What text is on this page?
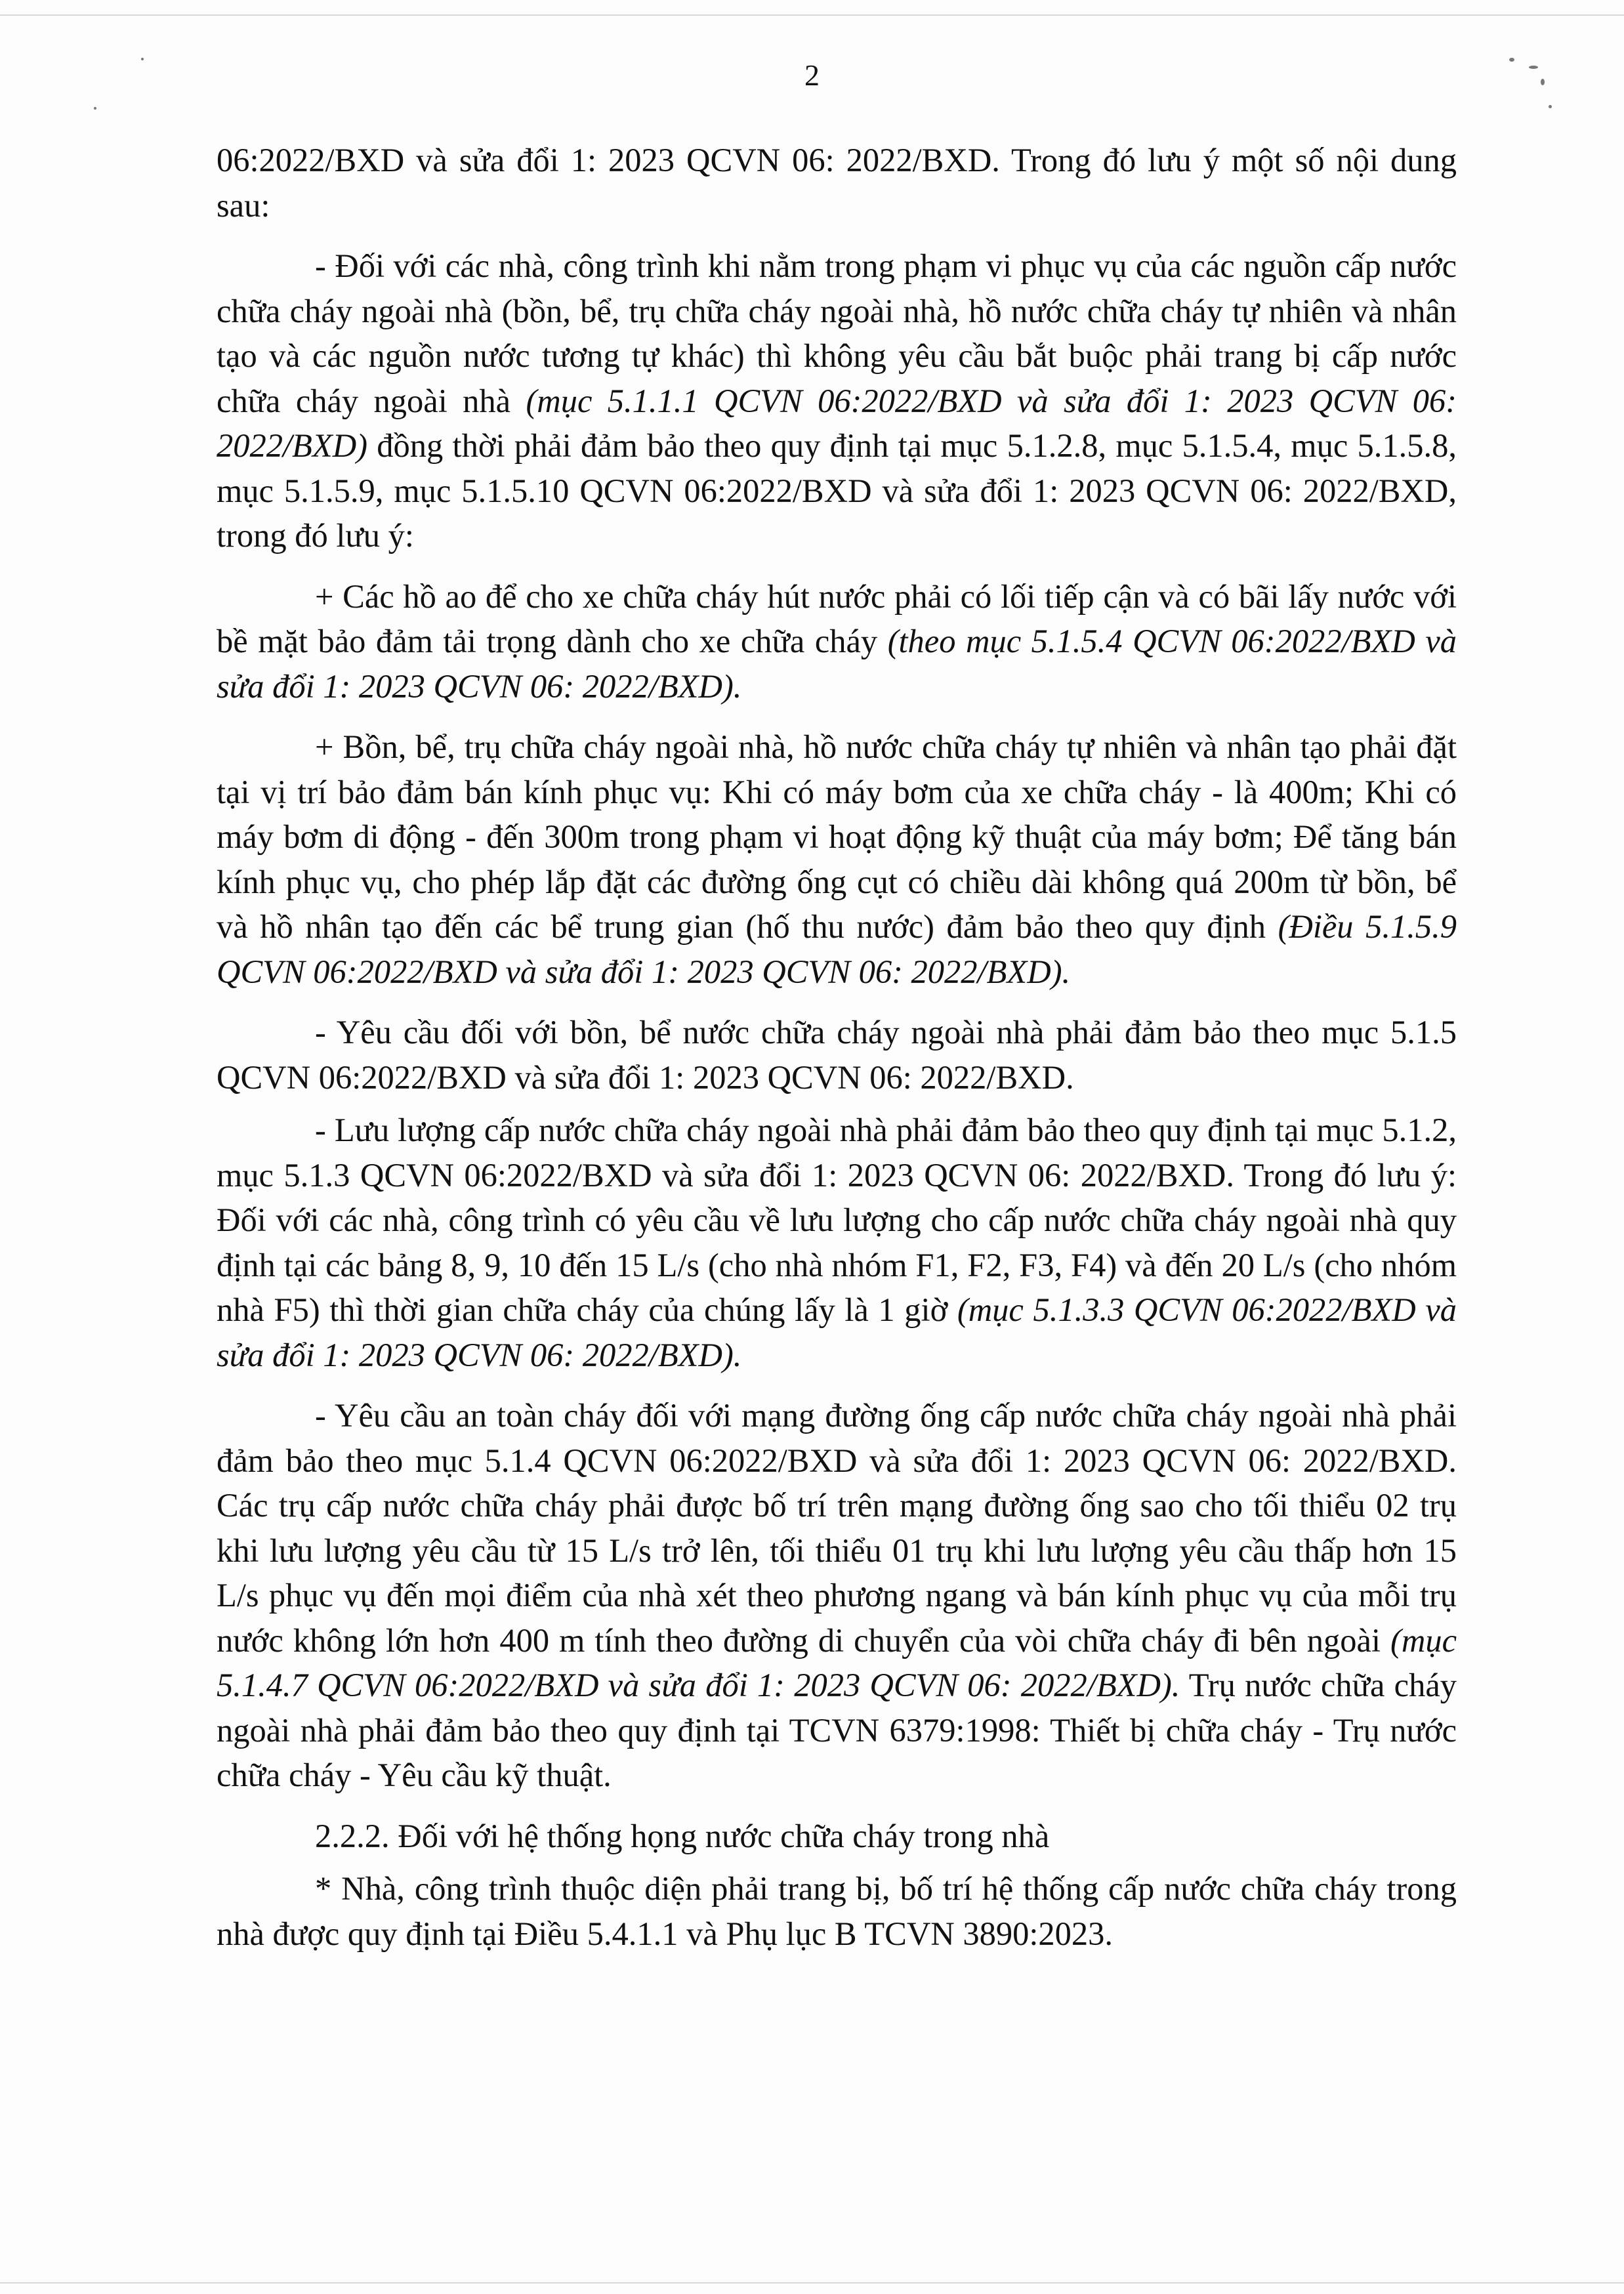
2

06:2022/BXD và sửa đổi 1: 2023 QCVN 06: 2022/BXD. Trong đó lưu ý một số nội dung sau:

- Đối với các nhà, công trình khi nằm trong phạm vi phục vụ của các nguồn cấp nước chữa cháy ngoài nhà (bồn, bể, trụ chữa cháy ngoài nhà, hồ nước chữa cháy tự nhiên và nhân tạo và các nguồn nước tương tự khác) thì không yêu cầu bắt buộc phải trang bị cấp nước chữa cháy ngoài nhà (mục 5.1.1.1 QCVN 06:2022/BXD và sửa đổi 1: 2023 QCVN 06: 2022/BXD) đồng thời phải đảm bảo theo quy định tại mục 5.1.2.8, mục 5.1.5.4, mục 5.1.5.8, mục 5.1.5.9, mục 5.1.5.10 QCVN 06:2022/BXD và sửa đổi 1: 2023 QCVN 06: 2022/BXD, trong đó lưu ý:

+ Các hồ ao để cho xe chữa cháy hút nước phải có lối tiếp cận và có bãi lấy nước với bề mặt bảo đảm tải trọng dành cho xe chữa cháy (theo mục 5.1.5.4 QCVN 06:2022/BXD và sửa đổi 1: 2023 QCVN 06: 2022/BXD).

+ Bồn, bể, trụ chữa cháy ngoài nhà, hồ nước chữa cháy tự nhiên và nhân tạo phải đặt tại vị trí bảo đảm bán kính phục vụ: Khi có máy bơm của xe chữa cháy - là 400m; Khi có máy bơm di động - đến 300m trong phạm vi hoạt động kỹ thuật của máy bơm; Để tăng bán kính phục vụ, cho phép lắp đặt các đường ống cụt có chiều dài không quá 200m từ bồn, bể và hồ nhân tạo đến các bể trung gian (hố thu nước) đảm bảo theo quy định (Điều 5.1.5.9 QCVN 06:2022/BXD và sửa đổi 1: 2023 QCVN 06: 2022/BXD).

- Yêu cầu đối với bồn, bể nước chữa cháy ngoài nhà phải đảm bảo theo mục 5.1.5 QCVN 06:2022/BXD và sửa đổi 1: 2023 QCVN 06: 2022/BXD.

- Lưu lượng cấp nước chữa cháy ngoài nhà phải đảm bảo theo quy định tại mục 5.1.2, mục 5.1.3 QCVN 06:2022/BXD và sửa đổi 1: 2023 QCVN 06: 2022/BXD. Trong đó lưu ý: Đối với các nhà, công trình có yêu cầu về lưu lượng cho cấp nước chữa cháy ngoài nhà quy định tại các bảng 8, 9, 10 đến 15 L/s (cho nhà nhóm F1, F2, F3, F4) và đến 20 L/s (cho nhóm nhà F5) thì thời gian chữa cháy của chúng lấy là 1 giờ (mục 5.1.3.3 QCVN 06:2022/BXD và sửa đổi 1: 2023 QCVN 06: 2022/BXD).

- Yêu cầu an toàn cháy đối với mạng đường ống cấp nước chữa cháy ngoài nhà phải đảm bảo theo mục 5.1.4 QCVN 06:2022/BXD và sửa đổi 1: 2023 QCVN 06: 2022/BXD. Các trụ cấp nước chữa cháy phải được bố trí trên mạng đường ống sao cho tối thiểu 02 trụ khi lưu lượng yêu cầu từ 15 L/s trở lên, tối thiểu 01 trụ khi lưu lượng yêu cầu thấp hơn 15 L/s phục vụ đến mọi điểm của nhà xét theo phương ngang và bán kính phục vụ của mỗi trụ nước không lớn hơn 400 m tính theo đường di chuyển của vòi chữa cháy đi bên ngoài (mục 5.1.4.7 QCVN 06:2022/BXD và sửa đổi 1: 2023 QCVN 06: 2022/BXD). Trụ nước chữa cháy ngoài nhà phải đảm bảo theo quy định tại TCVN 6379:1998: Thiết bị chữa cháy - Trụ nước chữa cháy - Yêu cầu kỹ thuật.

2.2.2. Đối với hệ thống họng nước chữa cháy trong nhà

* Nhà, công trình thuộc diện phải trang bị, bố trí hệ thống cấp nước chữa cháy trong nhà được quy định tại Điều 5.4.1.1 và Phụ lục B TCVN 3890:2023.
